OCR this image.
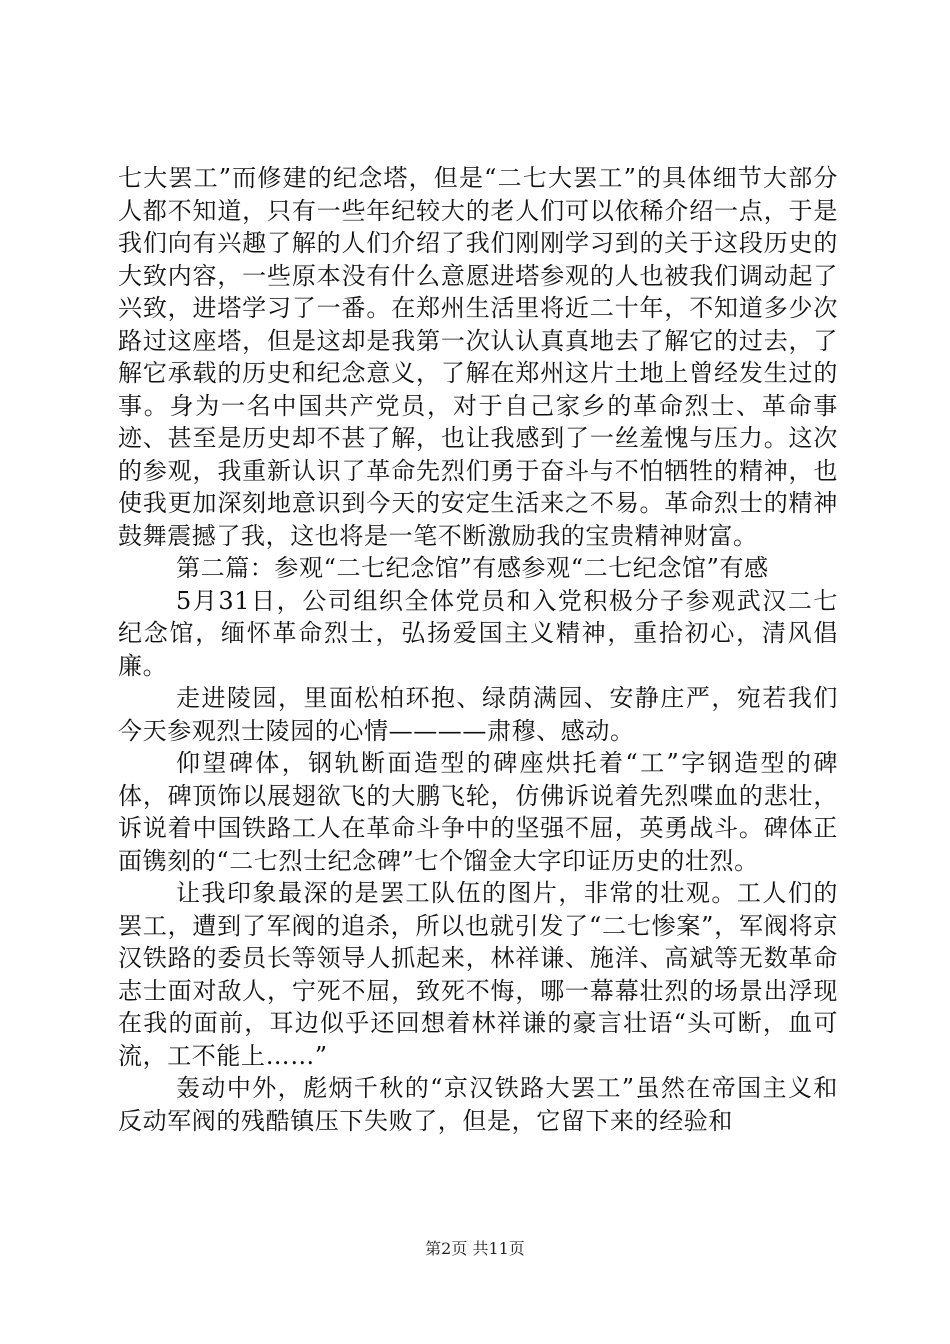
七大罢工”而修建的纪念塔，但是“二七大罢工”的具体细节大部分人都不知道，只有一些年纪较大的老人们可以依稀介绍一点，于是我们向有兴趣了解的人们介绍了我们刚刚学习到的关于这段历史的大致内容，一些原本没有什么意愿进塔参观的人也被我们调动起了兴致，进塔学习了一番。在郑州生活里将近二十年，不知道多少次路过这座塔，但是这却是我第一次认认真真地去了解它的过去，了解它承载的历史和纪念意义，了解在郑州这片土地上曾经发生过的事。身为一名中国共产党员，对于自己家乡的革命烈士、革命事迹、甚至是历史却不甚了解，也让我感到了一丝羞愧与压力。这次的参观，我重新认识了革命先烈们勇于奋斗与不怕牺牲的精神，也使我更加深刻地意识到今天的安定生活来之不易。革命烈士的精神鼓舞震撼了我，这也将是一笔不断激励我的宝贵精神财富。

第二篇：参观“二七纪念馆”有感参观“二七纪念馆”有感

5月31日，公司组织全体党员和入党积极分子参观武汉二七纪念馆，缅怀革命烈士，弘扬爱国主义精神，重拾初心，清风倡廉。

走进陵园，里面松柏环抱、绿荫满园、安静庄严，宛若我们今天参观烈士陵园的心情————肃穆、感动。

仰望碑体，钢轨断面造型的碑座烘托着“工”字钢造型的碑体，碑顶饰以展翅欲飞的大鹏飞轮，仿佛诉说着先烈喋血的悲壮，诉说着中国铁路工人在革命斗争中的坚强不屈，英勇战斗。碑体正面镌刻的“二七烈士纪念碑”七个馏金大字印证历史的壮烈。

让我印象最深的是罢工队伍的图片，非常的壮观。工人们的罢工，遭到了军阀的追杀，所以也就引发了“二七惨案”，军阀将京汉铁路的委员长等领导人抓起来，林祥谦、施洋、高斌等无数革命志士面对敌人，宁死不屈，致死不悔，哪一幕幕壮烈的场景出浮现在我的面前，耳边似乎还回想着林祥谦的豪言壮语“头可断，血可流，工不能上……”

轰动中外，彪炳千秋的“京汉铁路大罢工”虽然在帝国主义和反动军阀的残酷镇压下失败了，但是，它留下来的经验和

第2页 共11页
